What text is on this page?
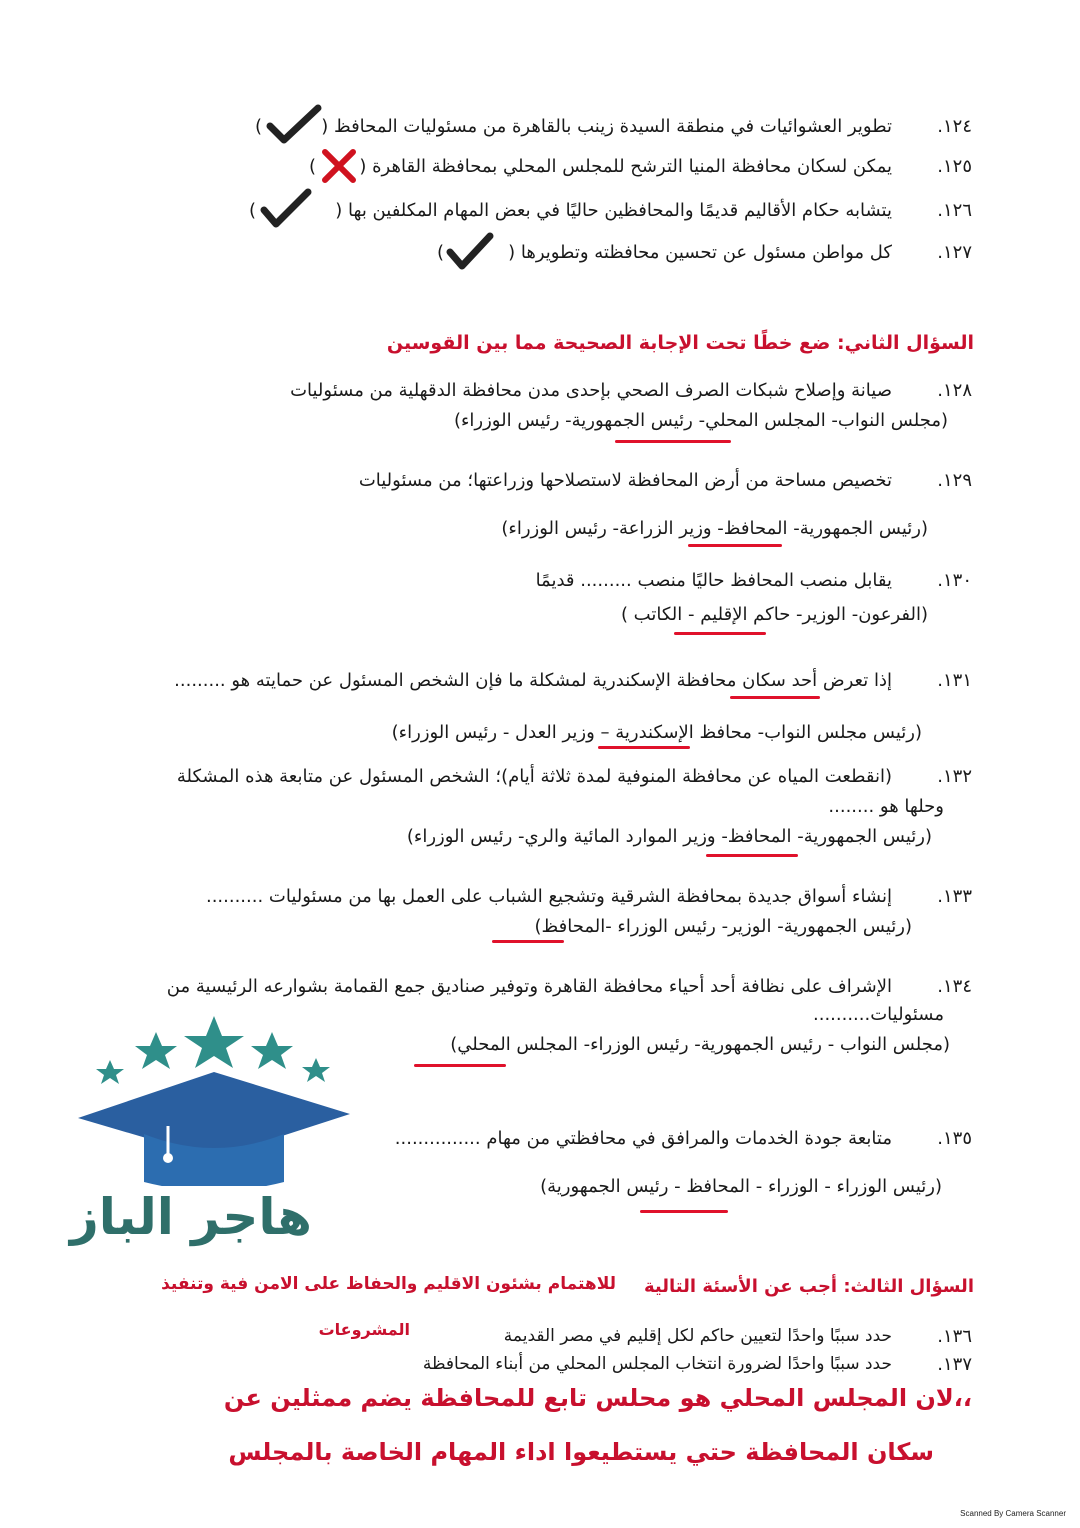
١٢٤.
تطوير العشوائيات في منطقة السيدة زينب بالقاهرة من مسئوليات المحافظ (
)
١٢٥.
يمكن لسكان محافظة المنيا الترشح للمجلس المحلي بمحافظة القاهرة (
)
١٢٦.
يتشابه حكام الأقاليم قديمًا والمحافظين حاليًا في بعض المهام المكلفين بها (
)
١٢٧.
كل مواطن مسئول عن تحسين محافظته وتطويرها (
)
السؤال الثاني: ضع خطًا تحت الإجابة الصحيحة مما بين القوسين
١٢٨.
صيانة وإصلاح شبكات الصرف الصحي بإحدى مدن محافظة الدقهلية من مسئوليات
(مجلس النواب- المجلس المحلي- رئيس الجمهورية- رئيس الوزراء)
١٢٩.
تخصيص مساحة من أرض المحافظة لاستصلاحها وزراعتها؛ من مسئوليات
(رئيس الجمهورية- المحافظ- وزير الزراعة- رئيس الوزراء)
١٣٠.
يقابل منصب المحافظ حاليًا منصب ......... قديمًا
(الفرعون- الوزير- حاكم الإقليم - الكاتب )
١٣١.
إذا تعرض أحد سكان محافظة الإسكندرية لمشكلة ما فإن الشخص المسئول عن حمايته هو .........
(رئيس مجلس النواب- محافظ الإسكندرية – وزير العدل - رئيس الوزراء)
١٣٢.
(انقطعت المياه عن محافظة المنوفية لمدة ثلاثة أيام)؛ الشخص المسئول عن متابعة هذه المشكلة
وحلها هو ........
(رئيس الجمهورية- المحافظ- وزير الموارد المائية والري- رئيس الوزراء)
١٣٣.
إنشاء أسواق جديدة بمحافظة الشرقية وتشجيع الشباب على العمل بها من مسئوليات ..........
(رئيس الجمهورية- الوزير- رئيس الوزراء -المحافظ)
١٣٤.
الإشراف على نظافة أحد أحياء محافظة القاهرة وتوفير صناديق جمع القمامة بشوارعه الرئيسية من
مسئوليات..........
(مجلس النواب - رئيس الجمهورية- رئيس الوزراء- المجلس المحلي)
١٣٥.
متابعة جودة الخدمات والمرافق في محافظتي من مهام ...............
(رئيس الوزراء - الوزراء - المحافظ - رئيس الجمهورية)
هاجر الباز
السؤال الثالث: أجب عن الأسئة التالية
للاهتمام بشئون الاقليم والحفاظ على الامن فية وتنفيذ
المشروعات	١٣٦.
حدد سببًا واحدًا لتعيين حاكم لكل إقليم في مصر القديمة
١٣٧.
حدد سببًا واحدًا لضرورة انتخاب المجلس المحلي من أبناء المحافظة
،،لان المجلس المحلي هو محلس تابع للمحافظة يضم ممثلين عن
سكان المحافظة حتي يستطيعوا اداء المهام الخاصة بالمجلس
Scanned By Camera Scanner
